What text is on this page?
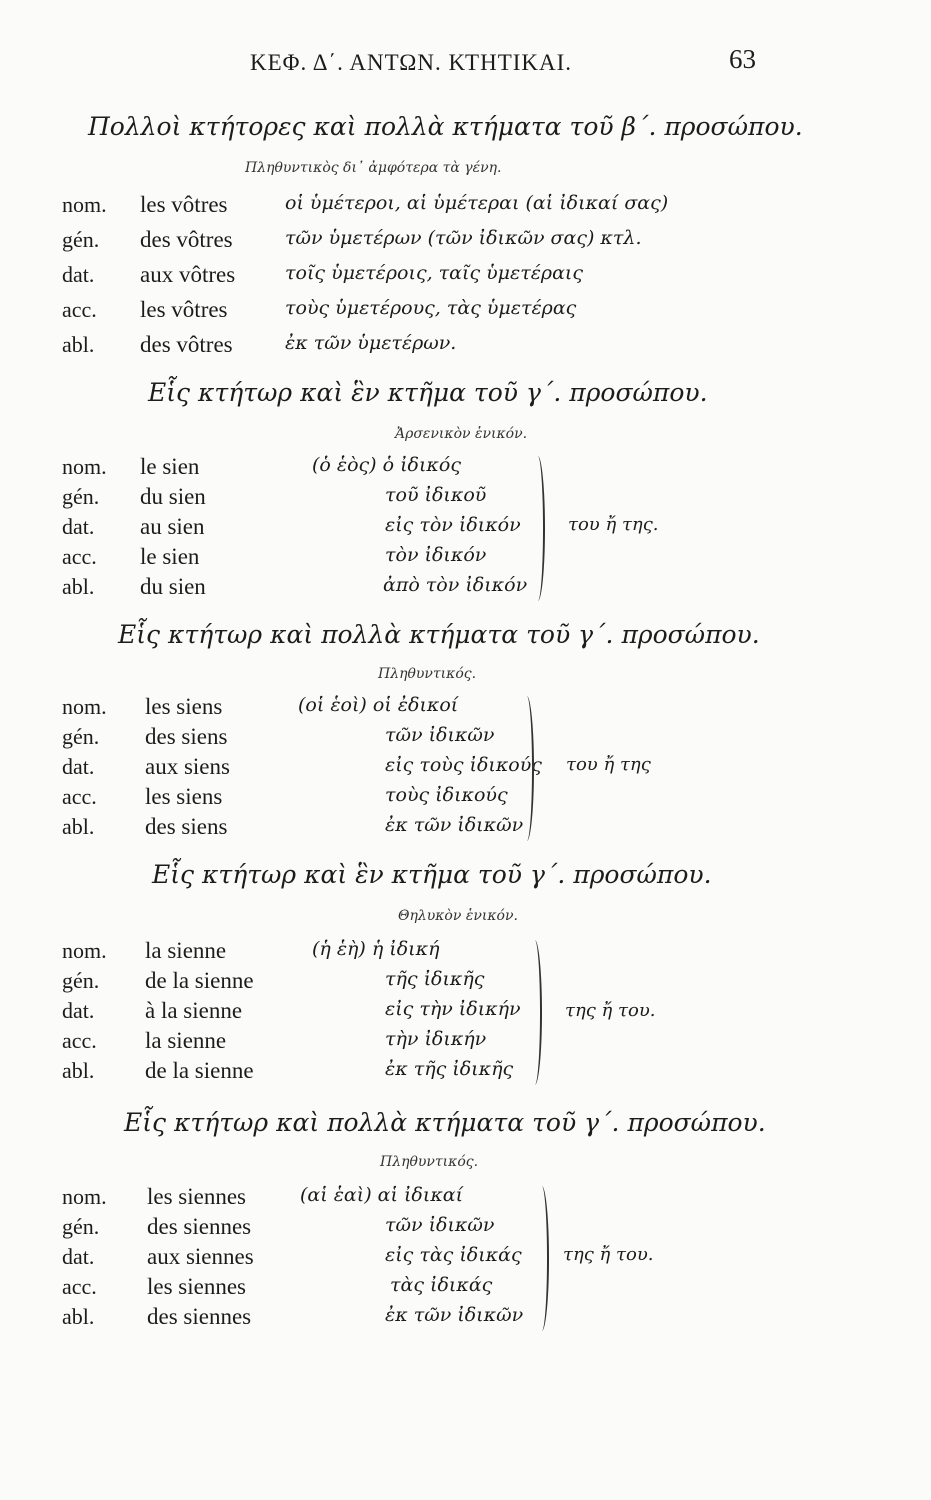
ΚΕΦ. Δ΄. ΑΝΤΩΝ. ΚΤΗΤΙΚΑΙ.	63
Πολλοὶ κτήτορες καὶ πολλὰ κτήματα τοῦ β΄. προσώπου.
Πληθυντικὸς δι᾽ ἀμφότερα τὰ γένη.
nom. les vôtres	οἱ ὑμέτεροι, αἱ ὑμέτεραι (αἱ ἰδικαί σας)
gén. des vôtres	τῶν ὑμετέρων (τῶν ἰδικῶν σας) κτλ.
dat. aux vôtres	τοῖς ὑμετέροις, ταῖς ὑμετέραις
acc. les vôtres	τοὺς ὑμετέρους, τὰς ὑμετέρας
abl. des vôtres	ἐκ τῶν ὑμετέρων.
Εἷς κτήτωρ καὶ ἓν κτῆμα τοῦ γ΄. προσώπου.
Ἀρσενικὸν ἑνικόν.
nom. le sien	(ὁ ἑὸς) ὁ ἰδικός
gén. du sien	τοῦ ἰδικοῦ
dat. au sien	εἰς τὸν ἰδικόν
acc. le sien	τὸν ἰδικόν
abl. du sien	ἀπὸ τὸν ἰδικόν
του ἤ της.
Εἷς κτήτωρ καὶ πολλὰ κτήματα τοῦ γ΄. προσώπου.
Πληθυντικός.
nom. les siens	(οἱ ἑοὶ) οἱ ἐδικοί
gén. des siens	τῶν ἰδικῶν
dat. aux siens	εἰς τοὺς ἰδικούς
acc. les siens	τοὺς ἰδικούς
abl. des siens	ἐκ τῶν ἰδικῶν
του ἤ της
Εἷς κτήτωρ καὶ ἓν κτῆμα τοῦ γ΄. προσώπου.
Θηλυκὸν ἑνικόν.
nom. la sienne	(ἡ ἑὴ) ἡ ἰδική
gén. de la sienne	τῆς ἰδικῆς
dat. à la sienne	εἰς τὴν ἰδικήν
acc. la sienne	τὴν ἰδικήν
abl. de la sienne	ἐκ τῆς ἰδικῆς
της ἤ του.
Εἷς κτήτωρ καὶ πολλὰ κτήματα τοῦ γ΄. προσώπου.
Πληθυντικός.
nom. les siennes	(αἱ ἑαὶ) αἱ ἰδικαί
gén. des siennes	τῶν ἰδικῶν
dat. aux siennes	εἰς τὰς ἰδικάς
acc. les siennes	τὰς ἰδικάς
abl. des siennes	ἐκ τῶν ἰδικῶν
της ἤ του.
